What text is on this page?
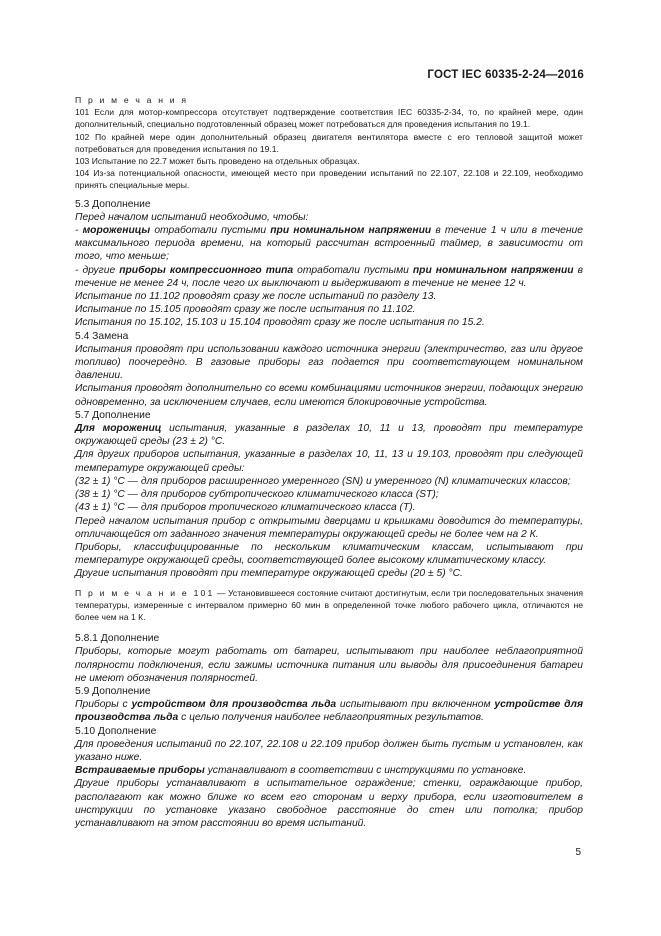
ГОСТ IEC 60335-2-24—2016

П р и м е ч а н и я

101 Если для мотор-компрессора отсутствует подтверждение соответствия IEC 60335-2-34, то, по крайней мере, один дополнительный, специально подготовленный образец может потребоваться для проведения испытания по 19.1.

102 По крайней мере один дополнительный образец двигателя вентилятора вместе с его тепловой защитой может потребоваться для проведения испытания по 19.1.

103 Испытание по 22.7 может быть проведено на отдельных образцах.

104 Из-за потенциальной опасности, имеющей место при проведении испытаний по 22.107, 22.108 и 22.109, необходимо принять специальные меры.

5.3 Дополнение

Перед началом испытаний необходимо, чтобы:

- мороженицы отработали пустыми при номинальном напряжении в течение 1 ч или в течение максимального периода времени, на который рассчитан встроенный таймер, в зависимости от того, что меньше;

- другие приборы компрессионного типа отработали пустыми при номинальном напряжении в течение не менее 24 ч, после чего их выключают и выдерживают в течение не менее 12 ч.

Испытание по 11.102 проводят сразу же после испытаний по разделу 13.

Испытание по 15.105 проводят сразу же после испытания по 11.102.

Испытания по 15.102, 15.103 и 15.104 проводят сразу же после испытания по 15.2.

5.4 Замена

Испытания проводят при использовании каждого источника энергии (электричество, газ или другое топливо) поочередно. В газовые приборы газ подается при соответствующем номинальном давлении.

Испытания проводят дополнительно со всеми комбинациями источников энергии, подающих энергию одновременно, за исключением случаев, если имеются блокировочные устройства.

5.7 Дополнение

Для морожениц испытания, указанные в разделах 10, 11 и 13, проводят при температуре окружающей среды (23 ± 2) °С.

Для других приборов испытания, указанные в разделах 10, 11, 13 и 19.103, проводят при следующей температуре окружающей среды:

(32 ± 1) °С — для приборов расширенного умеренного (SN) и умеренного (N) климатических классов;

(38 ± 1) °С — для приборов субтропического климатического класса (ST);

(43 ± 1) °С — для приборов тропического климатического класса (Т).

Перед началом испытания прибор с открытыми дверцами и крышками доводится до температуры, отличающейся от заданного значения температуры окружающей среды не более чем на 2 К.

Приборы, классифицированные по нескольким климатическим классам, испытывают при температуре окружающей среды, соответствующей более высокому климатическому классу.

Другие испытания проводят при температуре окружающей среды (20 ± 5) °С.

П р и м е ч а н и е 101 — Установившееся состояние считают достигнутым, если три последовательных значения температуры, измеренные с интервалом примерно 60 мин в определенной точке любого рабочего цикла, отличаются не более чем на 1 К.

5.8.1 Дополнение

Приборы, которые могут работать от батареи, испытывают при наиболее неблагоприятной полярности подключения, если зажимы источника питания или выводы для присоединения батареи не имеют обозначения полярностей.

5.9 Дополнение

Приборы с устройством для производства льда испытывают при включенном устройстве для производства льда с целью получения наиболее неблагоприятных результатов.

5.10 Дополнение

Для проведения испытаний по 22.107, 22.108 и 22.109 прибор должен быть пустым и установлен, как указано ниже.

Встраиваемые приборы устанавливают в соответствии с инструкциями по установке.

Другие приборы устанавливают в испытательное ограждение; стенки, ограждающие прибор, располагают как можно ближе ко всем его сторонам и верху прибора, если изготовителем в инструкции по установке указано свободное расстояние до стен или потолка; прибор устанавливают на этом расстоянии во время испытаний.

5
